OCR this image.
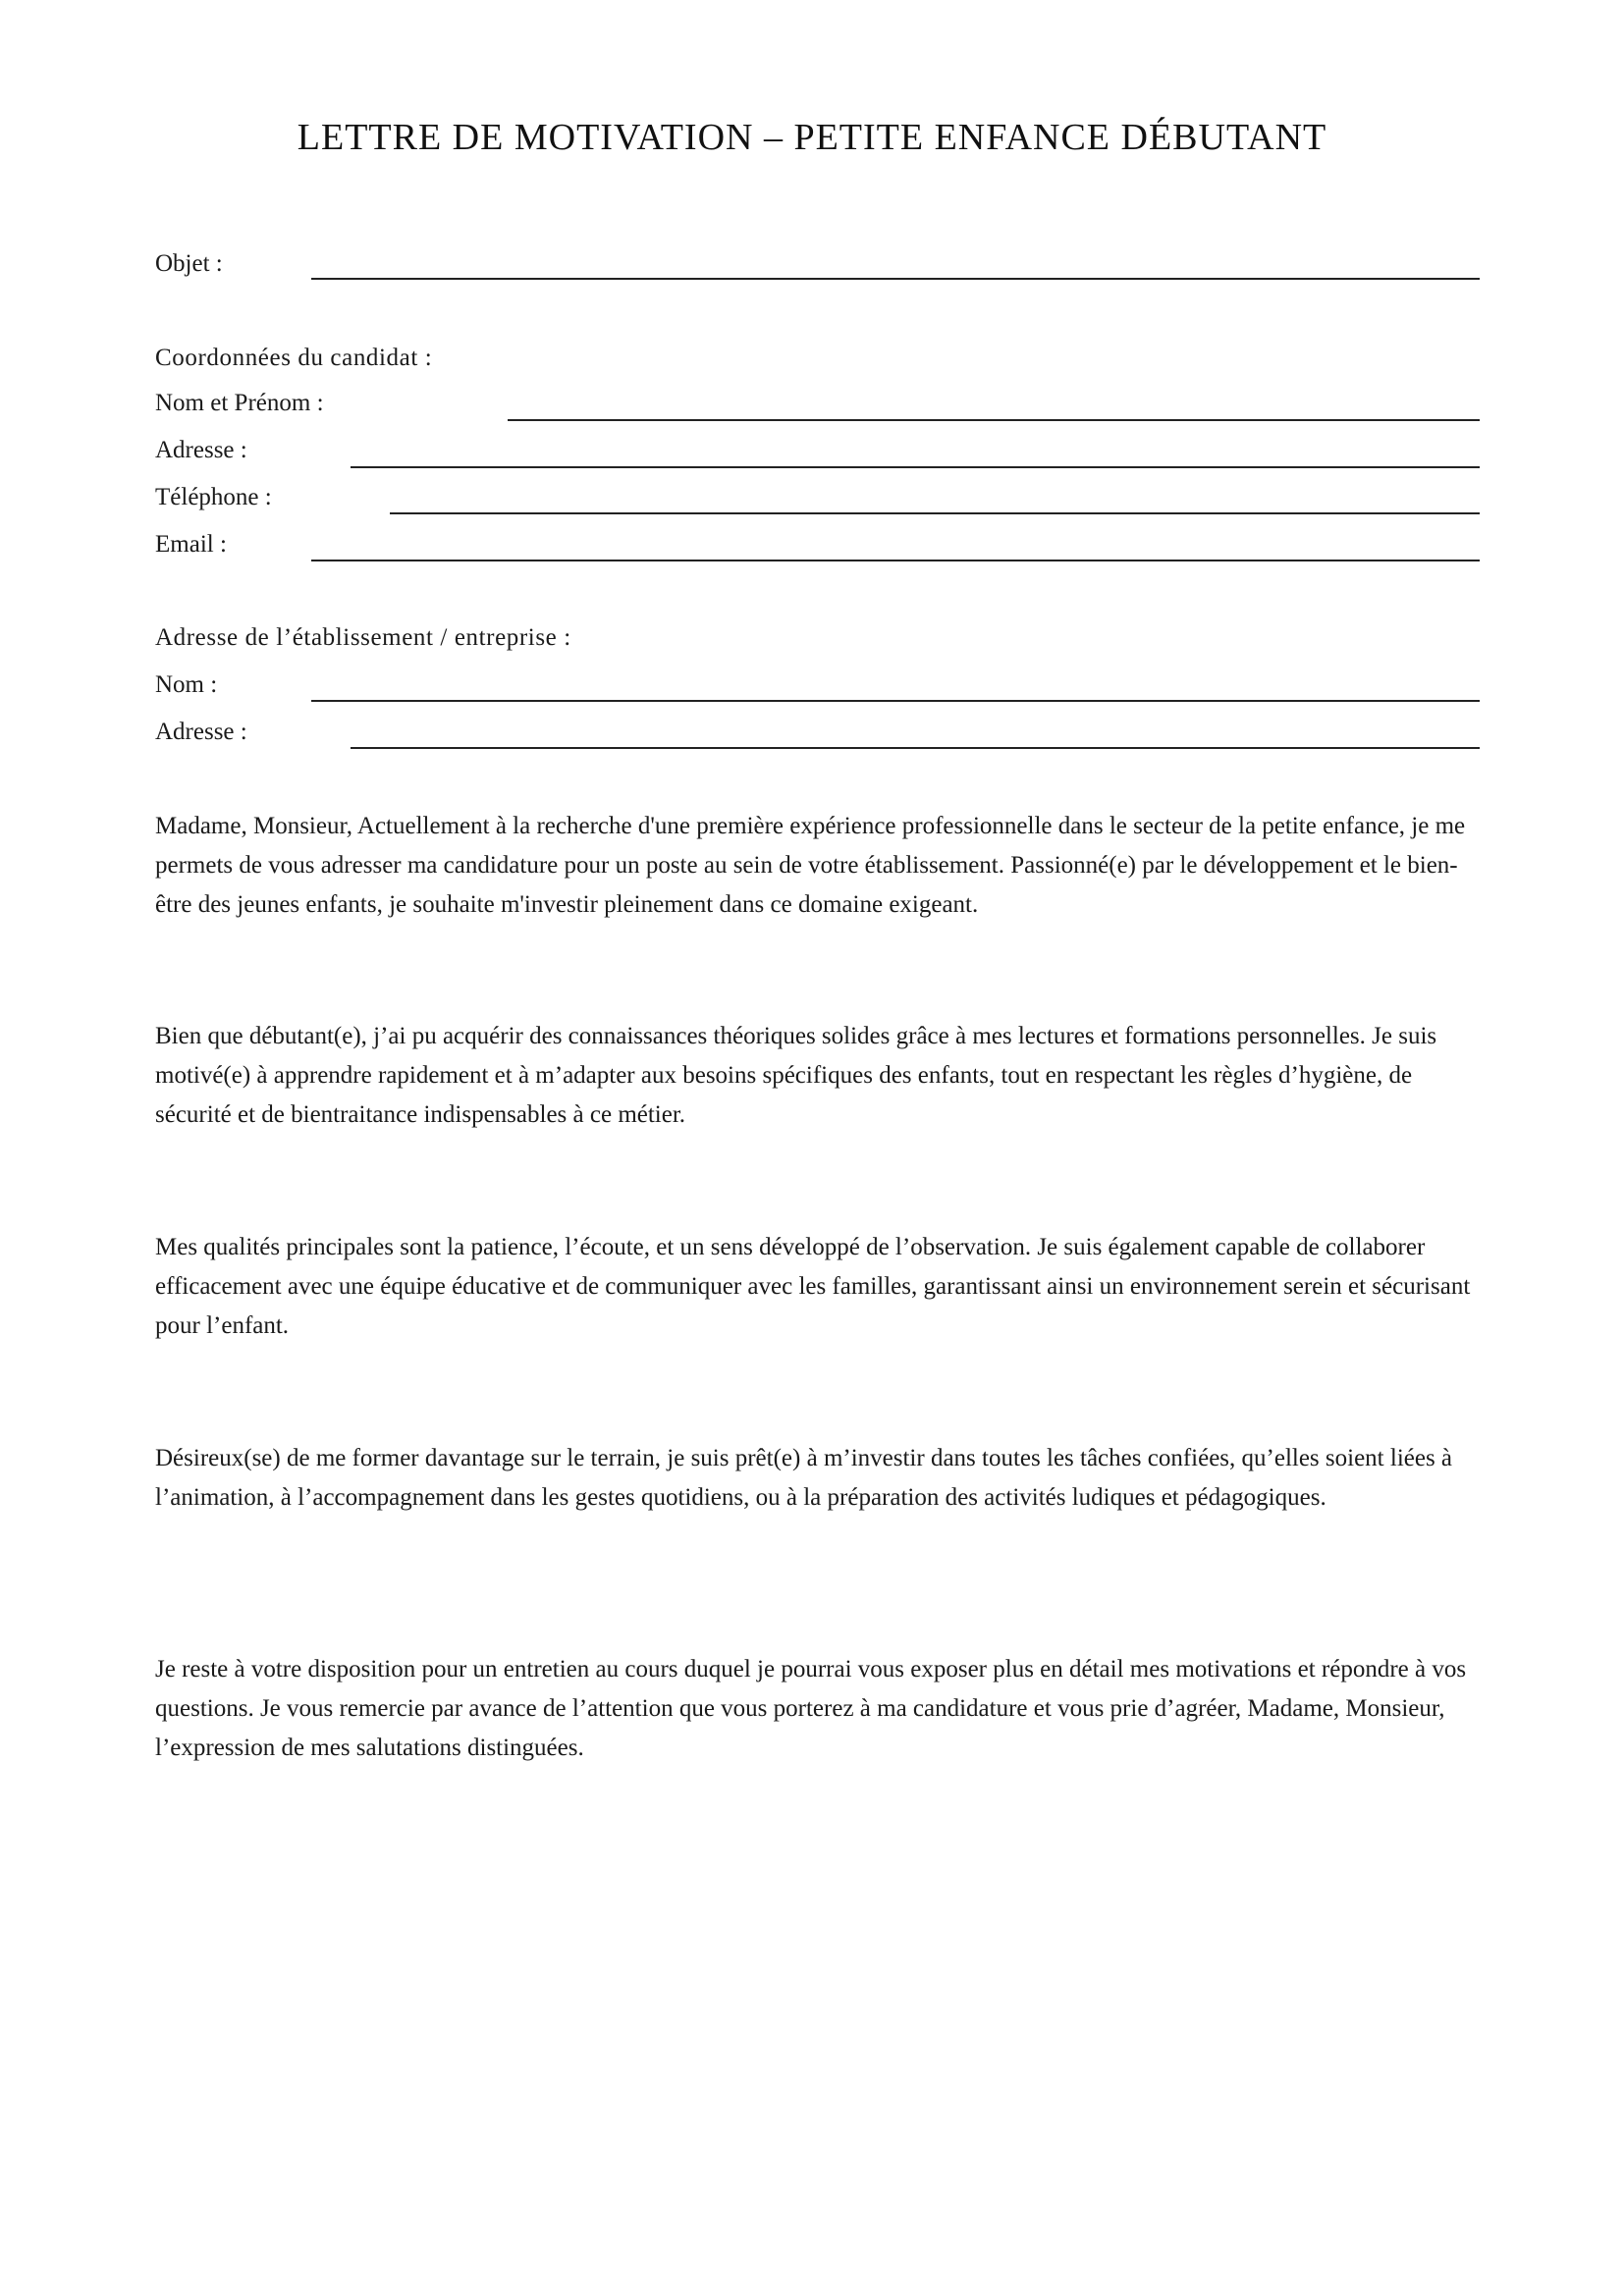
LETTRE DE MOTIVATION – PETITE ENFANCE DÉBUTANT
Objet :
Coordonnées du candidat :
Nom et Prénom :
Adresse :
Téléphone :
Email :
Adresse de l’établissement / entreprise :
Nom :
Adresse :

Madame, Monsieur, Actuellement à la recherche d'une première expérience professionnelle dans le secteur de la petite enfance, je me permets de vous adresser ma candidature pour un poste au sein de votre établissement. Passionné(e) par le développement et le bien-être des jeunes enfants, je souhaite m'investir pleinement dans ce domaine exigeant.

Bien que débutant(e), j’ai pu acquérir des connaissances théoriques solides grâce à mes lectures et formations personnelles. Je suis motivé(e) à apprendre rapidement et à m’adapter aux besoins spécifiques des enfants, tout en respectant les règles d’hygiène, de sécurité et de bientraitance indispensables à ce métier.

Mes qualités principales sont la patience, l’écoute, et un sens développé de l’observation. Je suis également capable de collaborer efficacement avec une équipe éducative et de communiquer avec les familles, garantissant ainsi un environnement serein et sécurisant pour l’enfant.

Désireux(se) de me former davantage sur le terrain, je suis prêt(e) à m’investir dans toutes les tâches confiées, qu’elles soient liées à l’animation, à l’accompagnement dans les gestes quotidiens, ou à la préparation des activités ludiques et pédagogiques.

Je reste à votre disposition pour un entretien au cours duquel je pourrai vous exposer plus en détail mes motivations et répondre à vos questions. Je vous remercie par avance de l’attention que vous porterez à ma candidature et vous prie d’agréer, Madame, Monsieur, l’expression de mes salutations distinguées.
